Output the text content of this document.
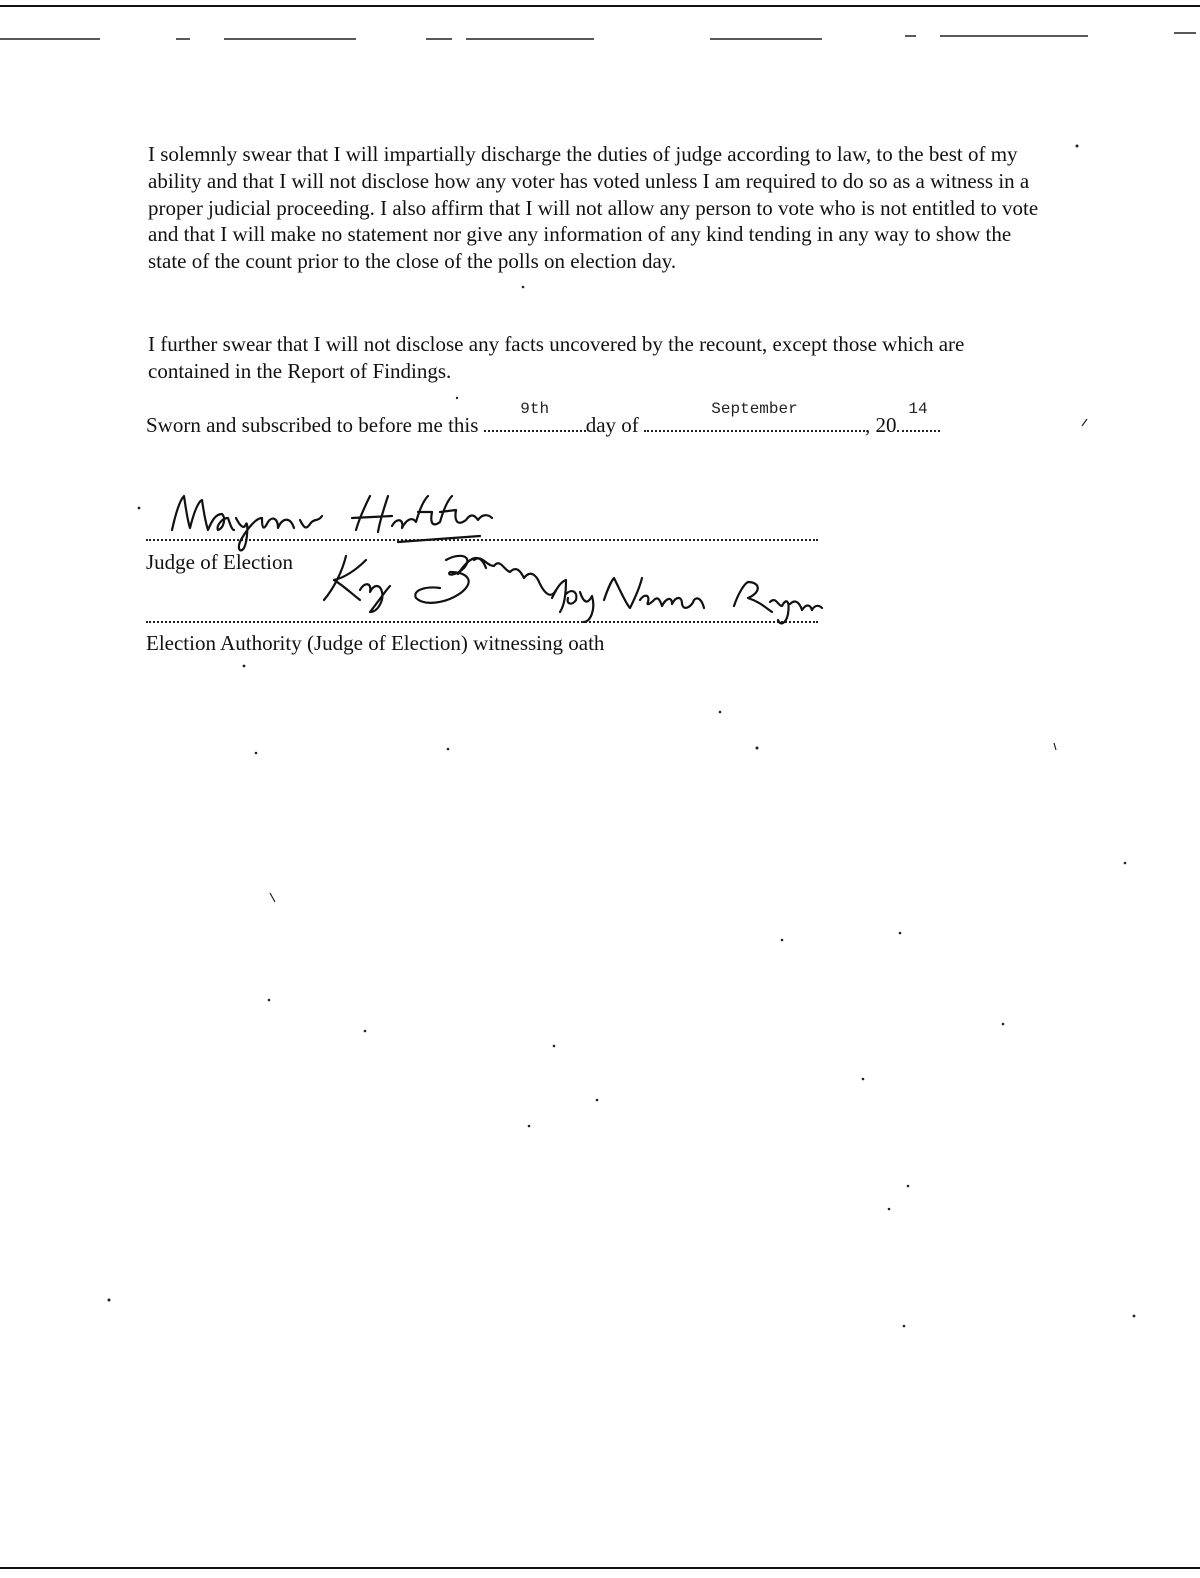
I solemnly swear that I will impartially discharge the duties of judge according to law, to the best of my ability and that I will not disclose how any voter has voted unless I am required to do so as a witness in a proper judicial proceeding. I also affirm that I will not allow any person to vote who is not entitled to vote and that I will make no statement nor give any information of any kind tending in any way to show the state of the count prior to the close of the polls on election day.

I further swear that I will not disclose any facts uncovered by the recount, except those which are contained in the Report of Findings.

Sworn and subscribed to before me this
9th
day of
September
, 20
14
Judge of Election
Election Authority (Judge of Election) witnessing oath
